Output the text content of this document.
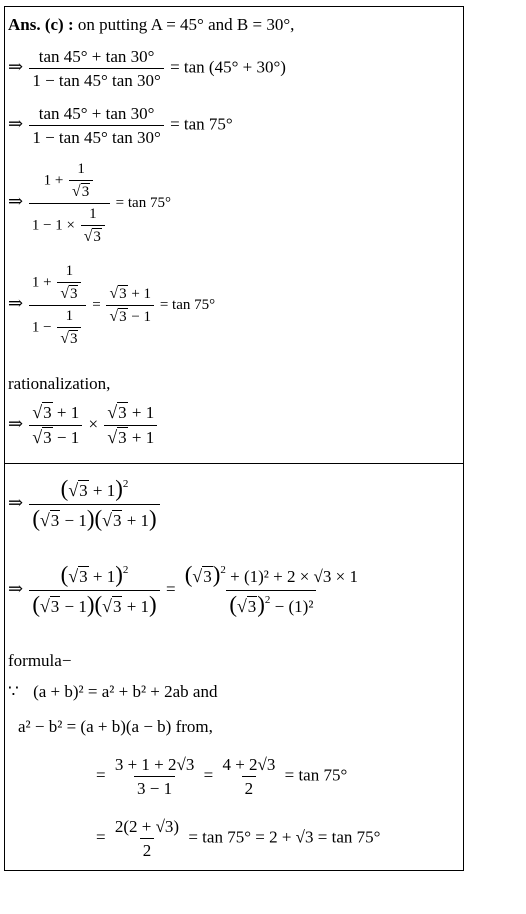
Ans. (c) : on putting A = 45° and B = 30°,
⇒ $\frac{\tan 45^\circ + \tan 30^\circ}{1 - \tan 45^\circ \tan 30^\circ} = \tan (45^\circ + 30^\circ)$
⇒ $\frac{\tan 45^\circ + \tan 30^\circ}{1 - \tan 45^\circ \tan 30^\circ} = \tan 75^\circ$
⇒ $\frac{1 + \frac{1}{√3}}{1 - 1 \times \frac{1}{√3}} = \tan 75^\circ$
⇒ $\frac{1 + \frac{1}{√3}}{1 - \frac{1}{√3}} = \frac{√3 + 1}{√3 - 1} = \tan 75^\circ$
rationalization,
⇒ $\frac{√3 + 1}{√3 - 1} \times \frac{√3 + 1}{√3 + 1}$
⇒ $\frac{(√3 + 1)^2}{(√3 - 1)(√3 + 1)}$
⇒ $\frac{(√3 + 1)^2}{(√3 - 1)(√3 + 1)} = \frac{(√3)^2 + (1)^2 + 2 \times √3 \times 1}{(√3)^2 - (1)^2}$
formula−
∵ (a + b)² = a² + b² + 2ab and
a² − b² = (a + b)(a − b) from,
= $\frac{3 + 1 + 2√3}{3 - 1} = \frac{4 + 2√3}{2} = \tan 75^\circ$
= $\frac{2(2 + √3)}{2} = \tan 75^\circ = 2 + √3 = \tan 75^\circ$
